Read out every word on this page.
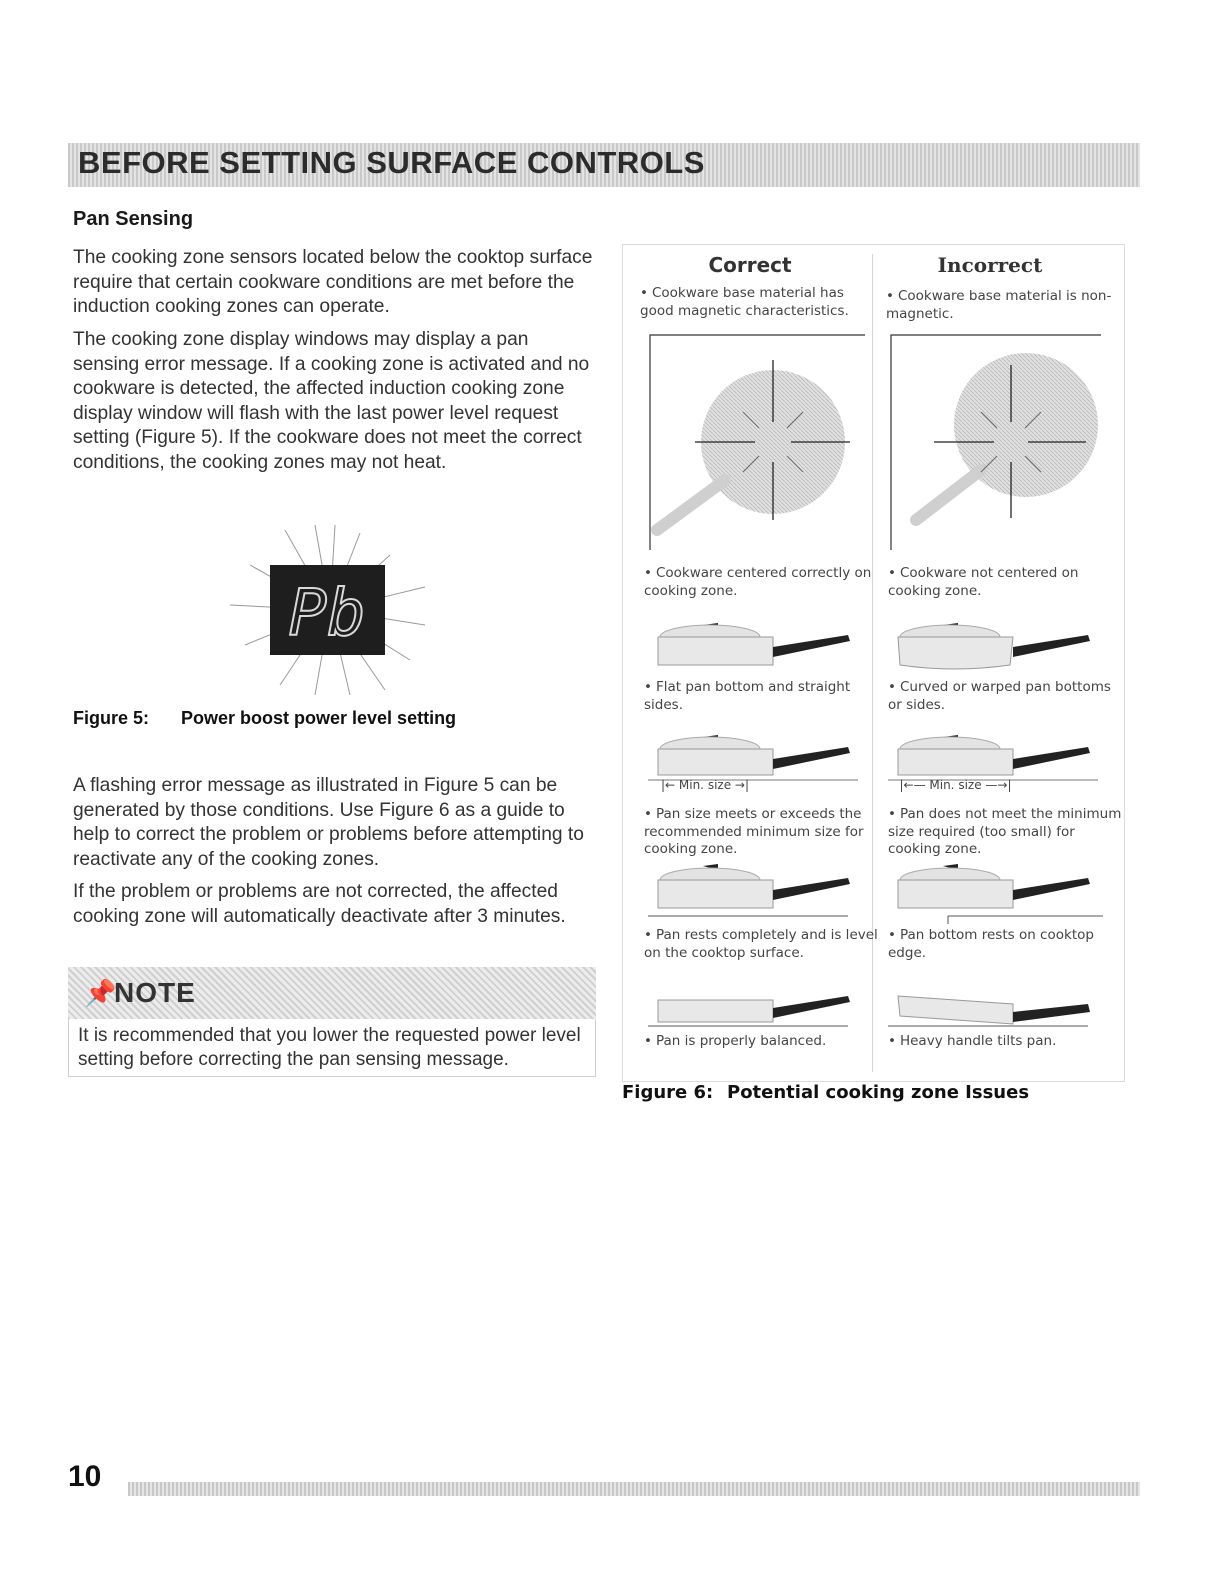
BEFORE SETTING SURFACE CONTROLS
Pan Sensing
The cooking zone sensors located below the cooktop surface require that certain cookware conditions are met before the induction cooking zones can operate.
The cooking zone display windows may display a pan sensing error message. If a cooking zone is activated and no cookware is detected, the affected induction cooking zone display window will flash with the last power level request setting (Figure 5). If the cookware does not meet the correct conditions, the cooking zones may not heat.
Pb
Figure 5: Power boost power level setting
A flashing error message as illustrated in Figure 5 can be generated by those conditions. Use Figure 6 as a guide to help to correct the problem or problems before attempting to reactivate any of the cooking zones.
If the problem or problems are not corrected, the affected cooking zone will automatically deactivate after 3 minutes.
📌
NOTE
It is recommended that you lower the requested power level setting before correcting the pan sensing message.
Correct	Incorrect
• Cookware base material has good magnetic characteristics.
• Cookware centered correctly on cooking zone.
• Flat pan bottom and straight sides.
• Pan size meets or exceeds the recommended minimum size for cooking zone.
• Pan rests completely and is level on the cooktop surface.
• Pan is properly balanced.
• Cookware base material is non-magnetic.
• Cookware not centered on cooking zone.
• Curved or warped pan bottoms or sides.
• Pan does not meet the minimum size required (too small) for cooking zone.
• Pan bottom rests on cooktop edge.
• Heavy handle tilts pan.
|← Min. size →|	|←— Min. size —→|
Figure 6: Potential cooking zone Issues
10
